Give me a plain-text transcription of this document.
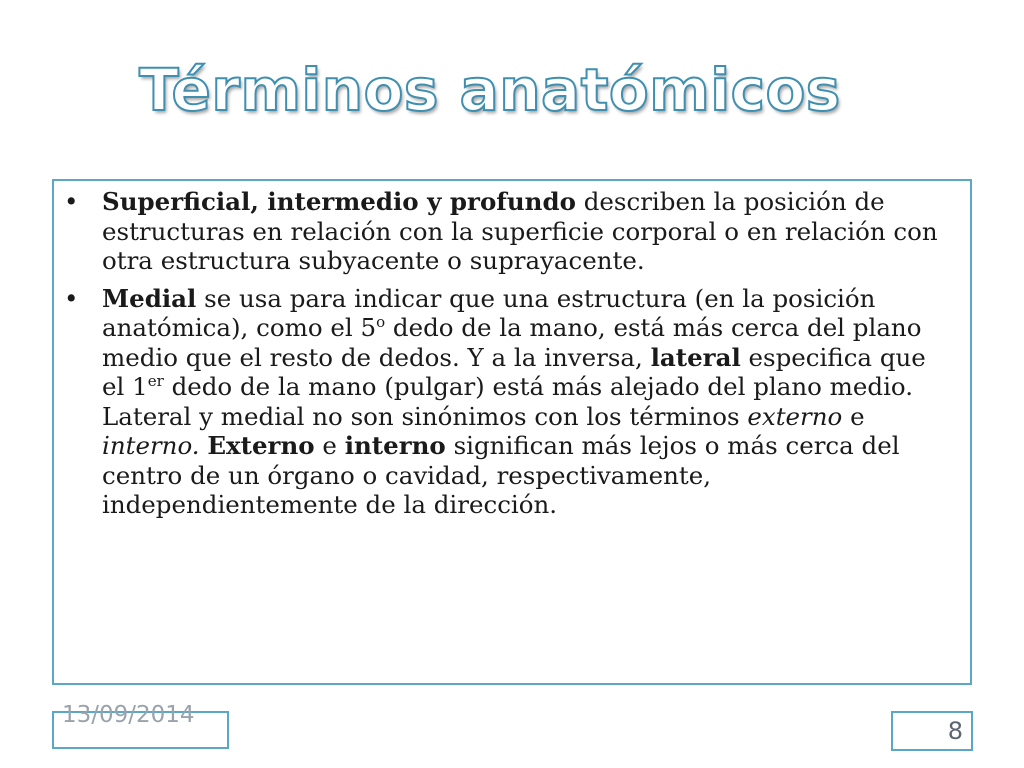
Términos anatómicos
• Superficial, intermedio y profundo describen la posición de estructuras en relación con la superficie corporal o en relación con otra estructura subyacente o suprayacente.
• Medial se usa para indicar que una estructura (en la posición anatómica), como el 5$^o$ dedo de la mano, está más cerca del plano medio que el resto de dedos. Y a la inversa, lateral especifica que el 1er dedo de la mano (pulgar) está más alejado del plano medio. Lateral y medial no son sinónimos con los términos externo e interno. Externo e interno significan más lejos o más cerca del centro de un órgano o cavidad, respectivamente, independientemente de la dirección.
13/09/2014
8
